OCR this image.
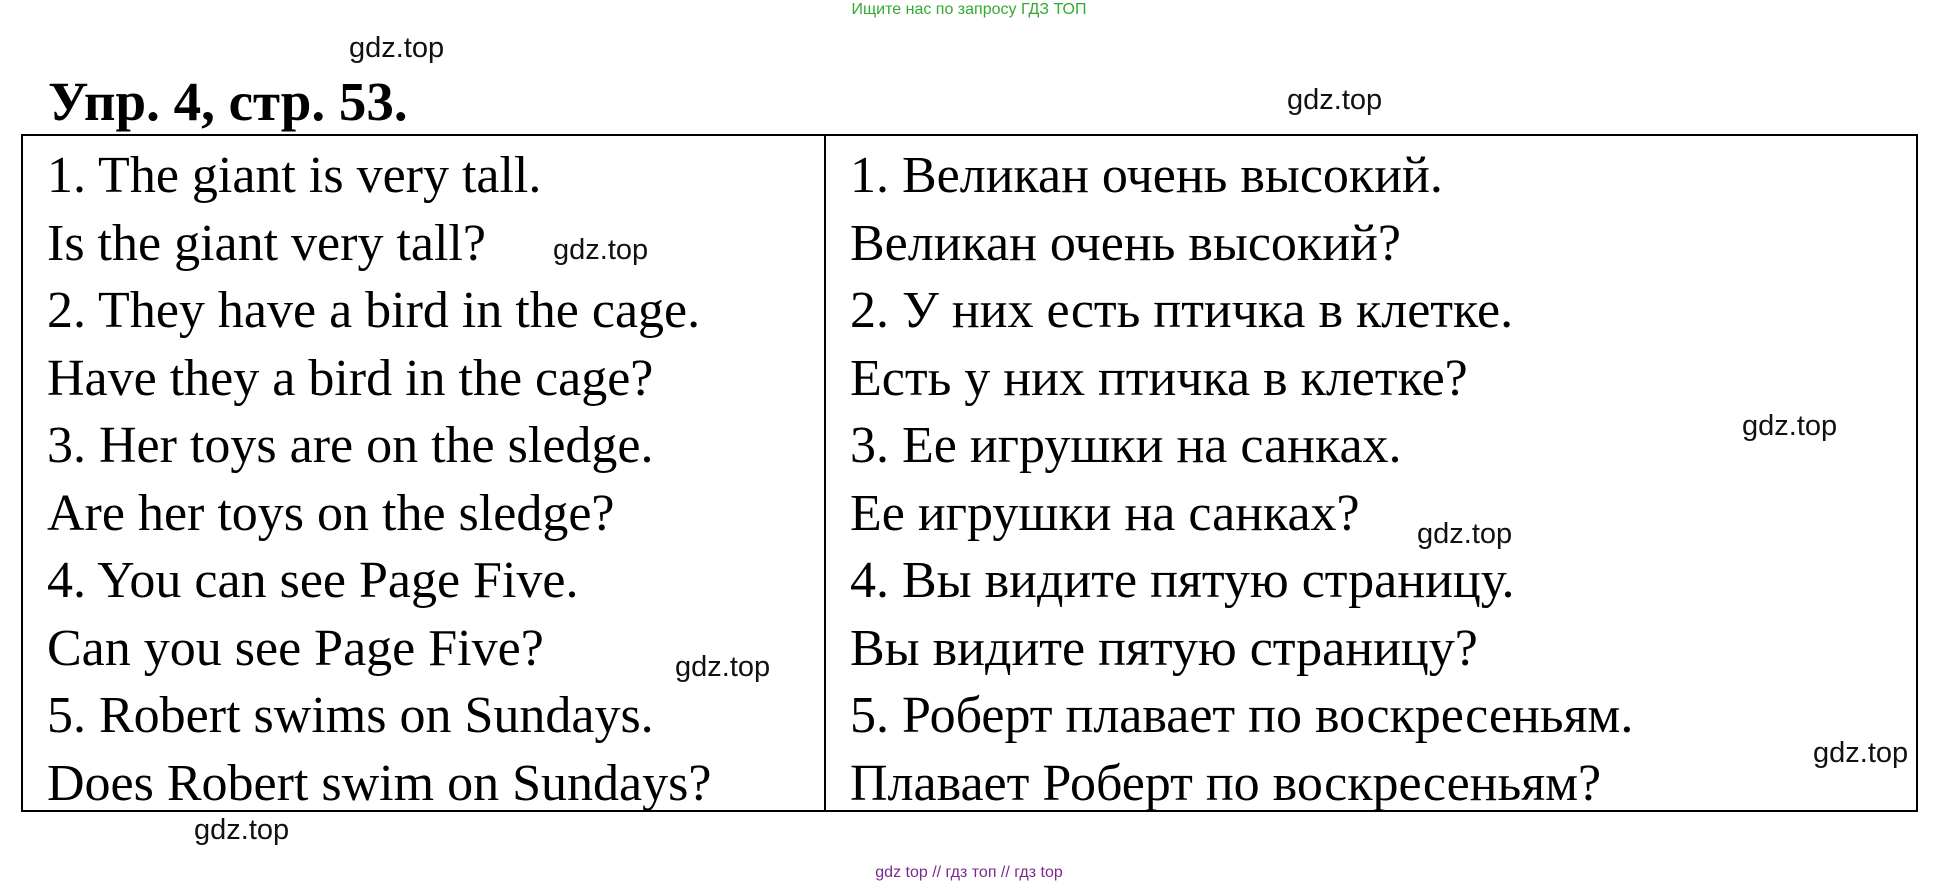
Ищите нас по запросу ГДЗ ТОП
gdz.top
gdz.top
Упр. 4, стр. 53.
1. The giant is very tall.
Is the giant very tall?
2. They have a bird in the cage.
Have they a bird in the cage?
3. Her toys are on the sledge.
Are her toys on the sledge?
4. You can see Page Five.
Can you see Page Five?
5. Robert swims on Sundays.
Does Robert swim on Sundays?
1. Великан очень высокий.
Великан очень высокий?
2. У них есть птичка в клетке.
Есть у них птичка в клетке?
3. Ее игрушки на санках.
Ее игрушки на санках?
4. Вы видите пятую страницу.
Вы видите пятую страницу?
5. Роберт плавает по воскресеньям.
Плавает Роберт по воскресеньям?
gdz.top
gdz.top
gdz.top
gdz.top
gdz.top
gdz.top
gdz top // гдз топ // гдз top
